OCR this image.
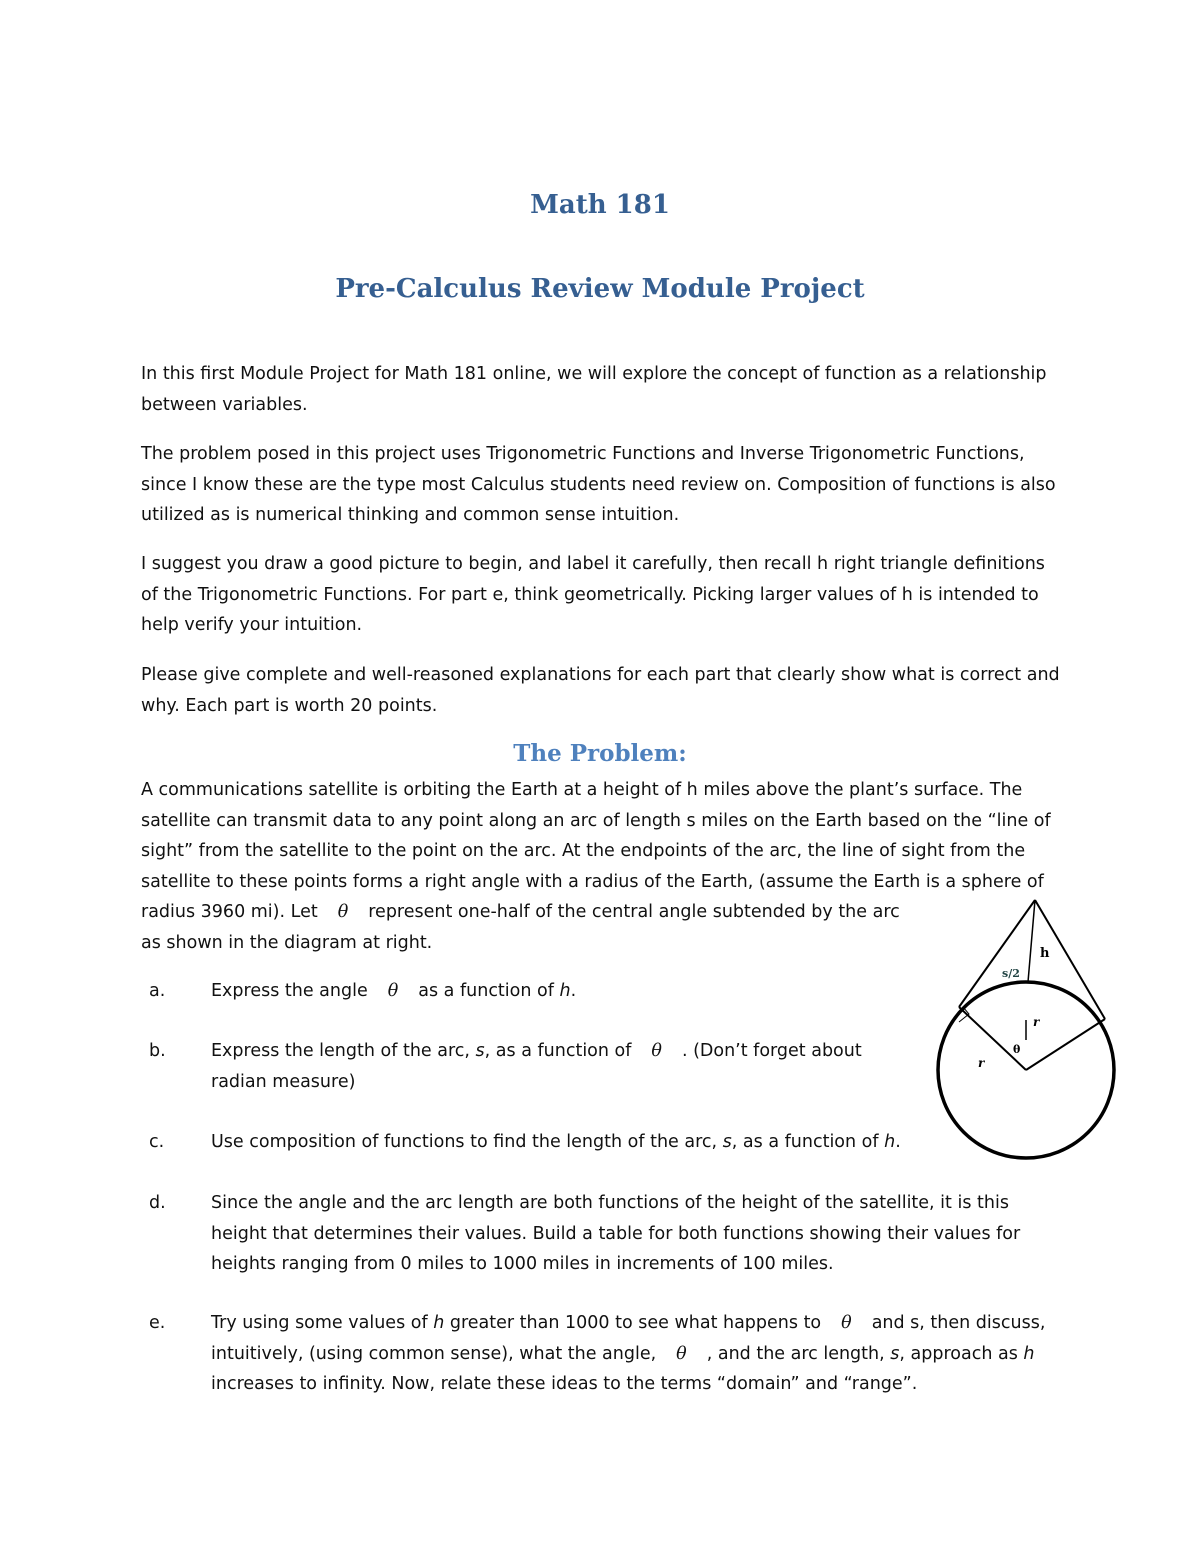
Math 181
Pre-Calculus Review Module Project
In this first Module Project for Math 181 online, we will explore the concept of function as a relationship between variables.
The problem posed in this project uses Trigonometric Functions and Inverse Trigonometric Functions, since I know these are the type most Calculus students need review on. Composition of functions is also utilized as is numerical thinking and common sense intuition.
I suggest you draw a good picture to begin, and label it carefully, then recall h right triangle definitions of the Trigonometric Functions. For part e, think geometrically. Picking larger values of h is intended to help verify your intuition.
Please give complete and well-reasoned explanations for each part that clearly show what is correct and why. Each part is worth 20 points.
The Problem:
A communications satellite is orbiting the Earth at a height of h miles above the plant’s surface. The
satellite can transmit data to any point along an arc of length s miles on the Earth based on the “line of
sight” from the satellite to the point on the arc. At the endpoints of the arc, the line of sight from the
satellite to these points forms a right angle with a radius of the Earth, (assume the Earth is a sphere of
radius 3960 mi). Let θ represent one-half of the central angle subtended by the arc
as shown in the diagram at right.
a.	Express the angle θ as a function of h.
b.	Express the length of the arc, s, as a function of θ . (Don’t forget about
radian measure)
c.	Use composition of functions to find the length of the arc, s, as a function of h.
d.	Since the angle and the arc length are both functions of the height of the satellite, it is this
height that determines their values. Build a table for both functions showing their values for
heights ranging from 0 miles to 1000 miles in increments of 100 miles.
e.	Try using some values of h greater than 1000 to see what happens to θ and s, then discuss,
intuitively, (using common sense), what the angle, θ , and the arc length, s, approach as h
increases to infinity. Now, relate these ideas to the terms “domain” and “range”.
h
s/2
r
r
θ
